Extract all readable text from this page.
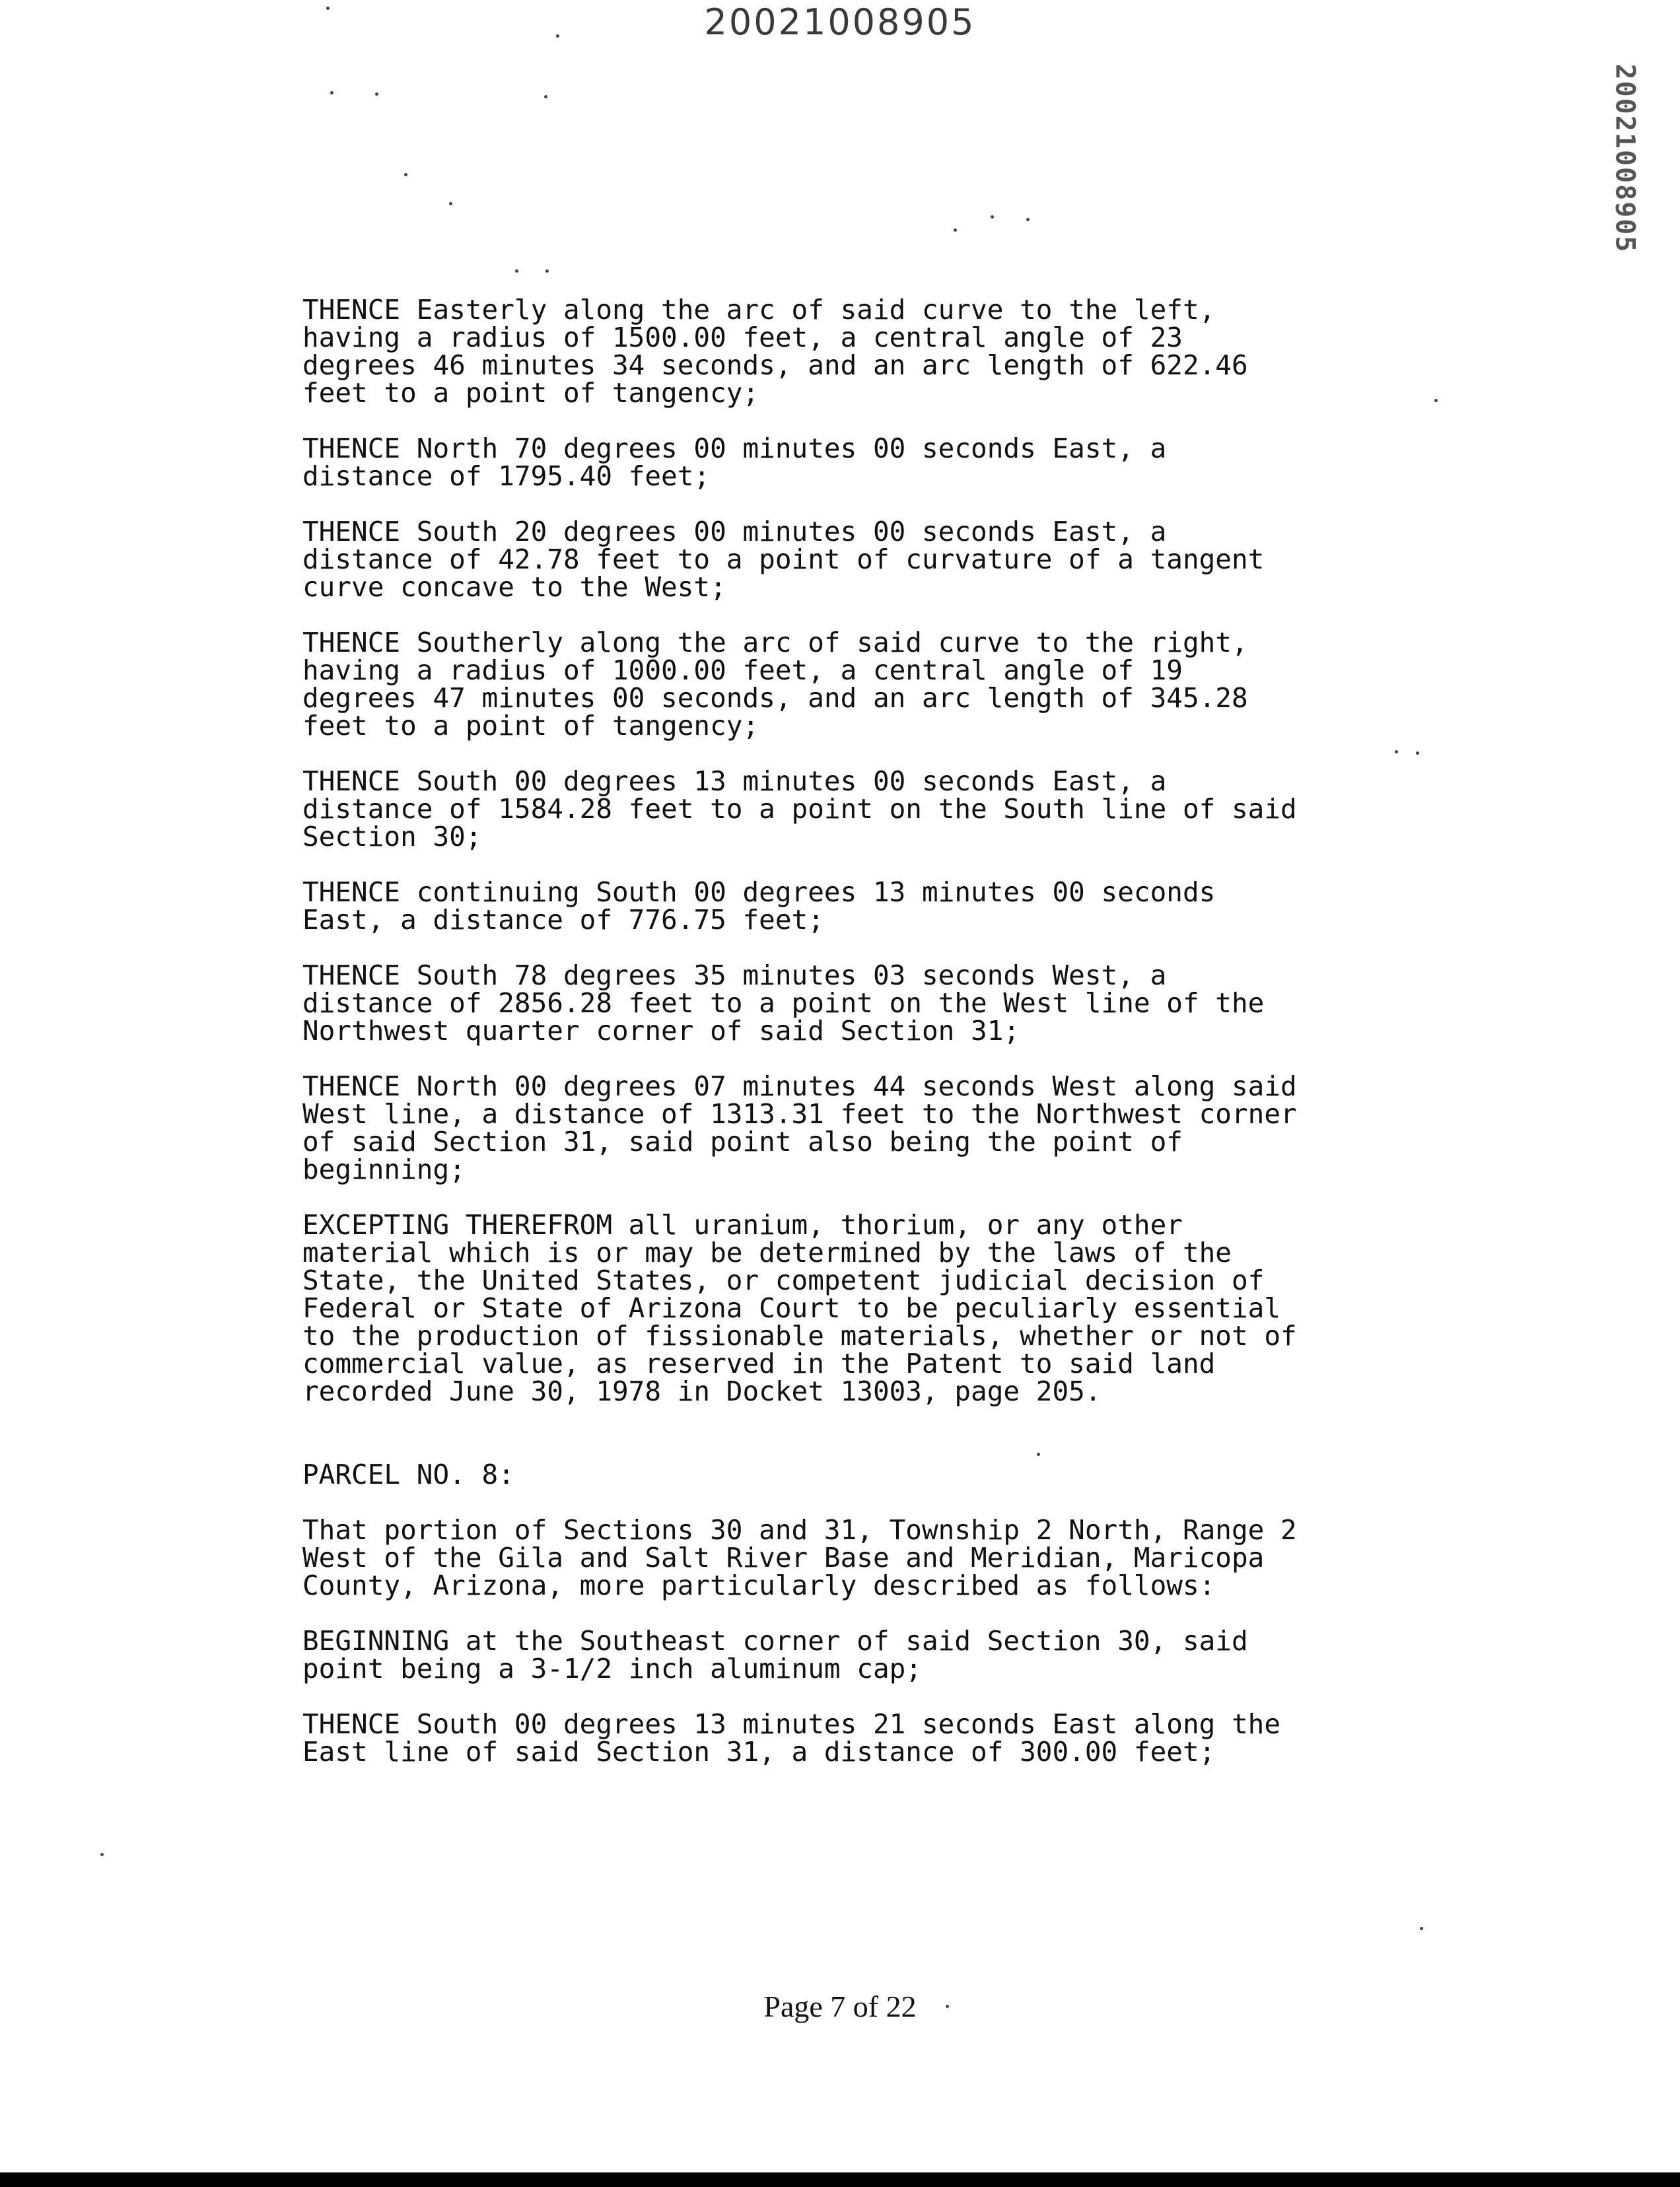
20021008905
20021008905

THENCE Easterly along the arc of said curve to the left,
having a radius of 1500.00 feet, a central angle of 23
degrees 46 minutes 34 seconds, and an arc length of 622.46
feet to a point of tangency;

THENCE North 70 degrees 00 minutes 00 seconds East, a
distance of 1795.40 feet;

THENCE South 20 degrees 00 minutes 00 seconds East, a
distance of 42.78 feet to a point of curvature of a tangent
curve concave to the West;

THENCE Southerly along the arc of said curve to the right,
having a radius of 1000.00 feet, a central angle of 19
degrees 47 minutes 00 seconds, and an arc length of 345.28
feet to a point of tangency;

THENCE South 00 degrees 13 minutes 00 seconds East, a
distance of 1584.28 feet to a point on the South line of said
Section 30;

THENCE continuing South 00 degrees 13 minutes 00 seconds
East, a distance of 776.75 feet;

THENCE South 78 degrees 35 minutes 03 seconds West, a
distance of 2856.28 feet to a point on the West line of the
Northwest quarter corner of said Section 31;

THENCE North 00 degrees 07 minutes 44 seconds West along said
West line, a distance of 1313.31 feet to the Northwest corner
of said Section 31, said point also being the point of
beginning;

EXCEPTING THEREFROM all uranium, thorium, or any other
material which is or may be determined by the laws of the
State, the United States, or competent judicial decision of
Federal or State of Arizona Court to be peculiarly essential
to the production of fissionable materials, whether or not of
commercial value, as reserved in the Patent to said land
recorded June 30, 1978 in Docket 13003, page 205.

PARCEL NO. 8:

That portion of Sections 30 and 31, Township 2 North, Range 2
West of the Gila and Salt River Base and Meridian, Maricopa
County, Arizona, more particularly described as follows:

BEGINNING at the Southeast corner of said Section 30, said
point being a 3-1/2 inch aluminum cap;

THENCE South 00 degrees 13 minutes 21 seconds East along the
East line of said Section 31, a distance of 300.00 feet;

Page 7 of 22
